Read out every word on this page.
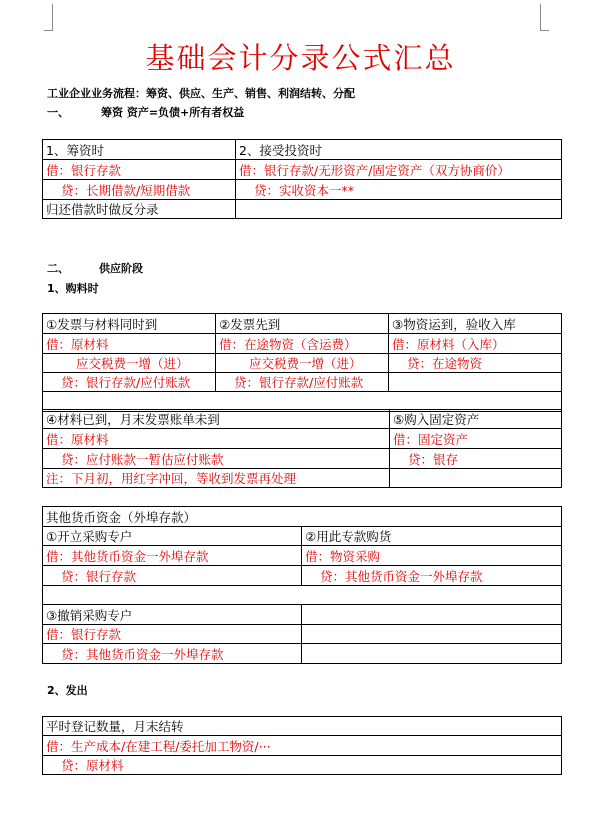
基础会计分录公式汇总
工业企业业务流程：筹资、供应、生产、销售、利润结转、分配
一、	筹资 资产=负债+所有者权益
1、筹资时	2、接受投资时
借：银行存款	借：银行存款/无形资产/固定资产（双方协商价）
贷：长期借款/短期借款	贷：实收资本一**
归还借款时做反分录	
二、	供应阶段
1、购料时
①发票与材料同时到	②发票先到	③物资运到，验收入库
借：原材料	借：在途物资（含运费）	借：原材料（入库）
应交税费一增（进）	应交税费一增（进）	贷：在途物资
贷：银行存款/应付账款	贷：银行存款/应付账款	

④材料已到，月末发票账单未到	⑤购入固定资产
借：原材料	借：固定资产
贷：应付账款一暂估应付账款	贷：银存
注：下月初，用红字冲回，等收到发票再处理	
其他货币资金（外埠存款）	
①开立采购专户	②用此专款购货
借：其他货币资金一外埠存款	借：物资采购
贷：银行存款	贷：其他货币资金一外埠存款

③撤销采购专户	
借：银行存款	
贷：其他货币资金一外埠存款	
2、发出
平时登记数量，月末结转
借：生产成本/在建工程/委托加工物资/···
贷：原材料
